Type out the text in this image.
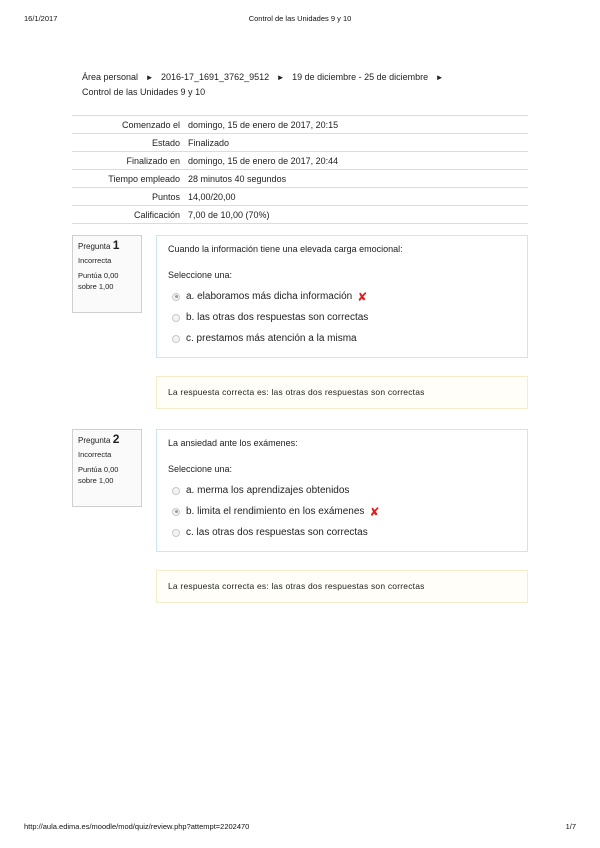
16/1/2017	Control de las Unidades 9 y 10
Área personal ► 2016-17_1691_3762_9512 ► 19 de diciembre - 25 de diciembre ►
Control de las Unidades 9 y 10
Comenzado el	domingo, 15 de enero de 2017, 20:15
Estado	Finalizado
Finalizado en	domingo, 15 de enero de 2017, 20:44
Tiempo empleado	28 minutos 40 segundos
Puntos	14,00/20,00
Calificación	7,00 de 10,00 (70%)
Pregunta 1
Incorrecta
Puntúa 0,00 sobre 1,00
Cuando la información tiene una elevada carga emocional:
Seleccione una:
a. elaboramos más dicha información ✘
b. las otras dos respuestas son correctas
c. prestamos más atención a la misma
La respuesta correcta es: las otras dos respuestas son correctas
Pregunta 2
Incorrecta
Puntúa 0,00 sobre 1,00
La ansiedad ante los exámenes:
Seleccione una:
a. merma los aprendizajes obtenidos
b. limita el rendimiento en los exámenes ✘
c. las otras dos respuestas son correctas
La respuesta correcta es: las otras dos respuestas son correctas
http://aula.edima.es/moodle/mod/quiz/review.php?attempt=2202470	1/7
